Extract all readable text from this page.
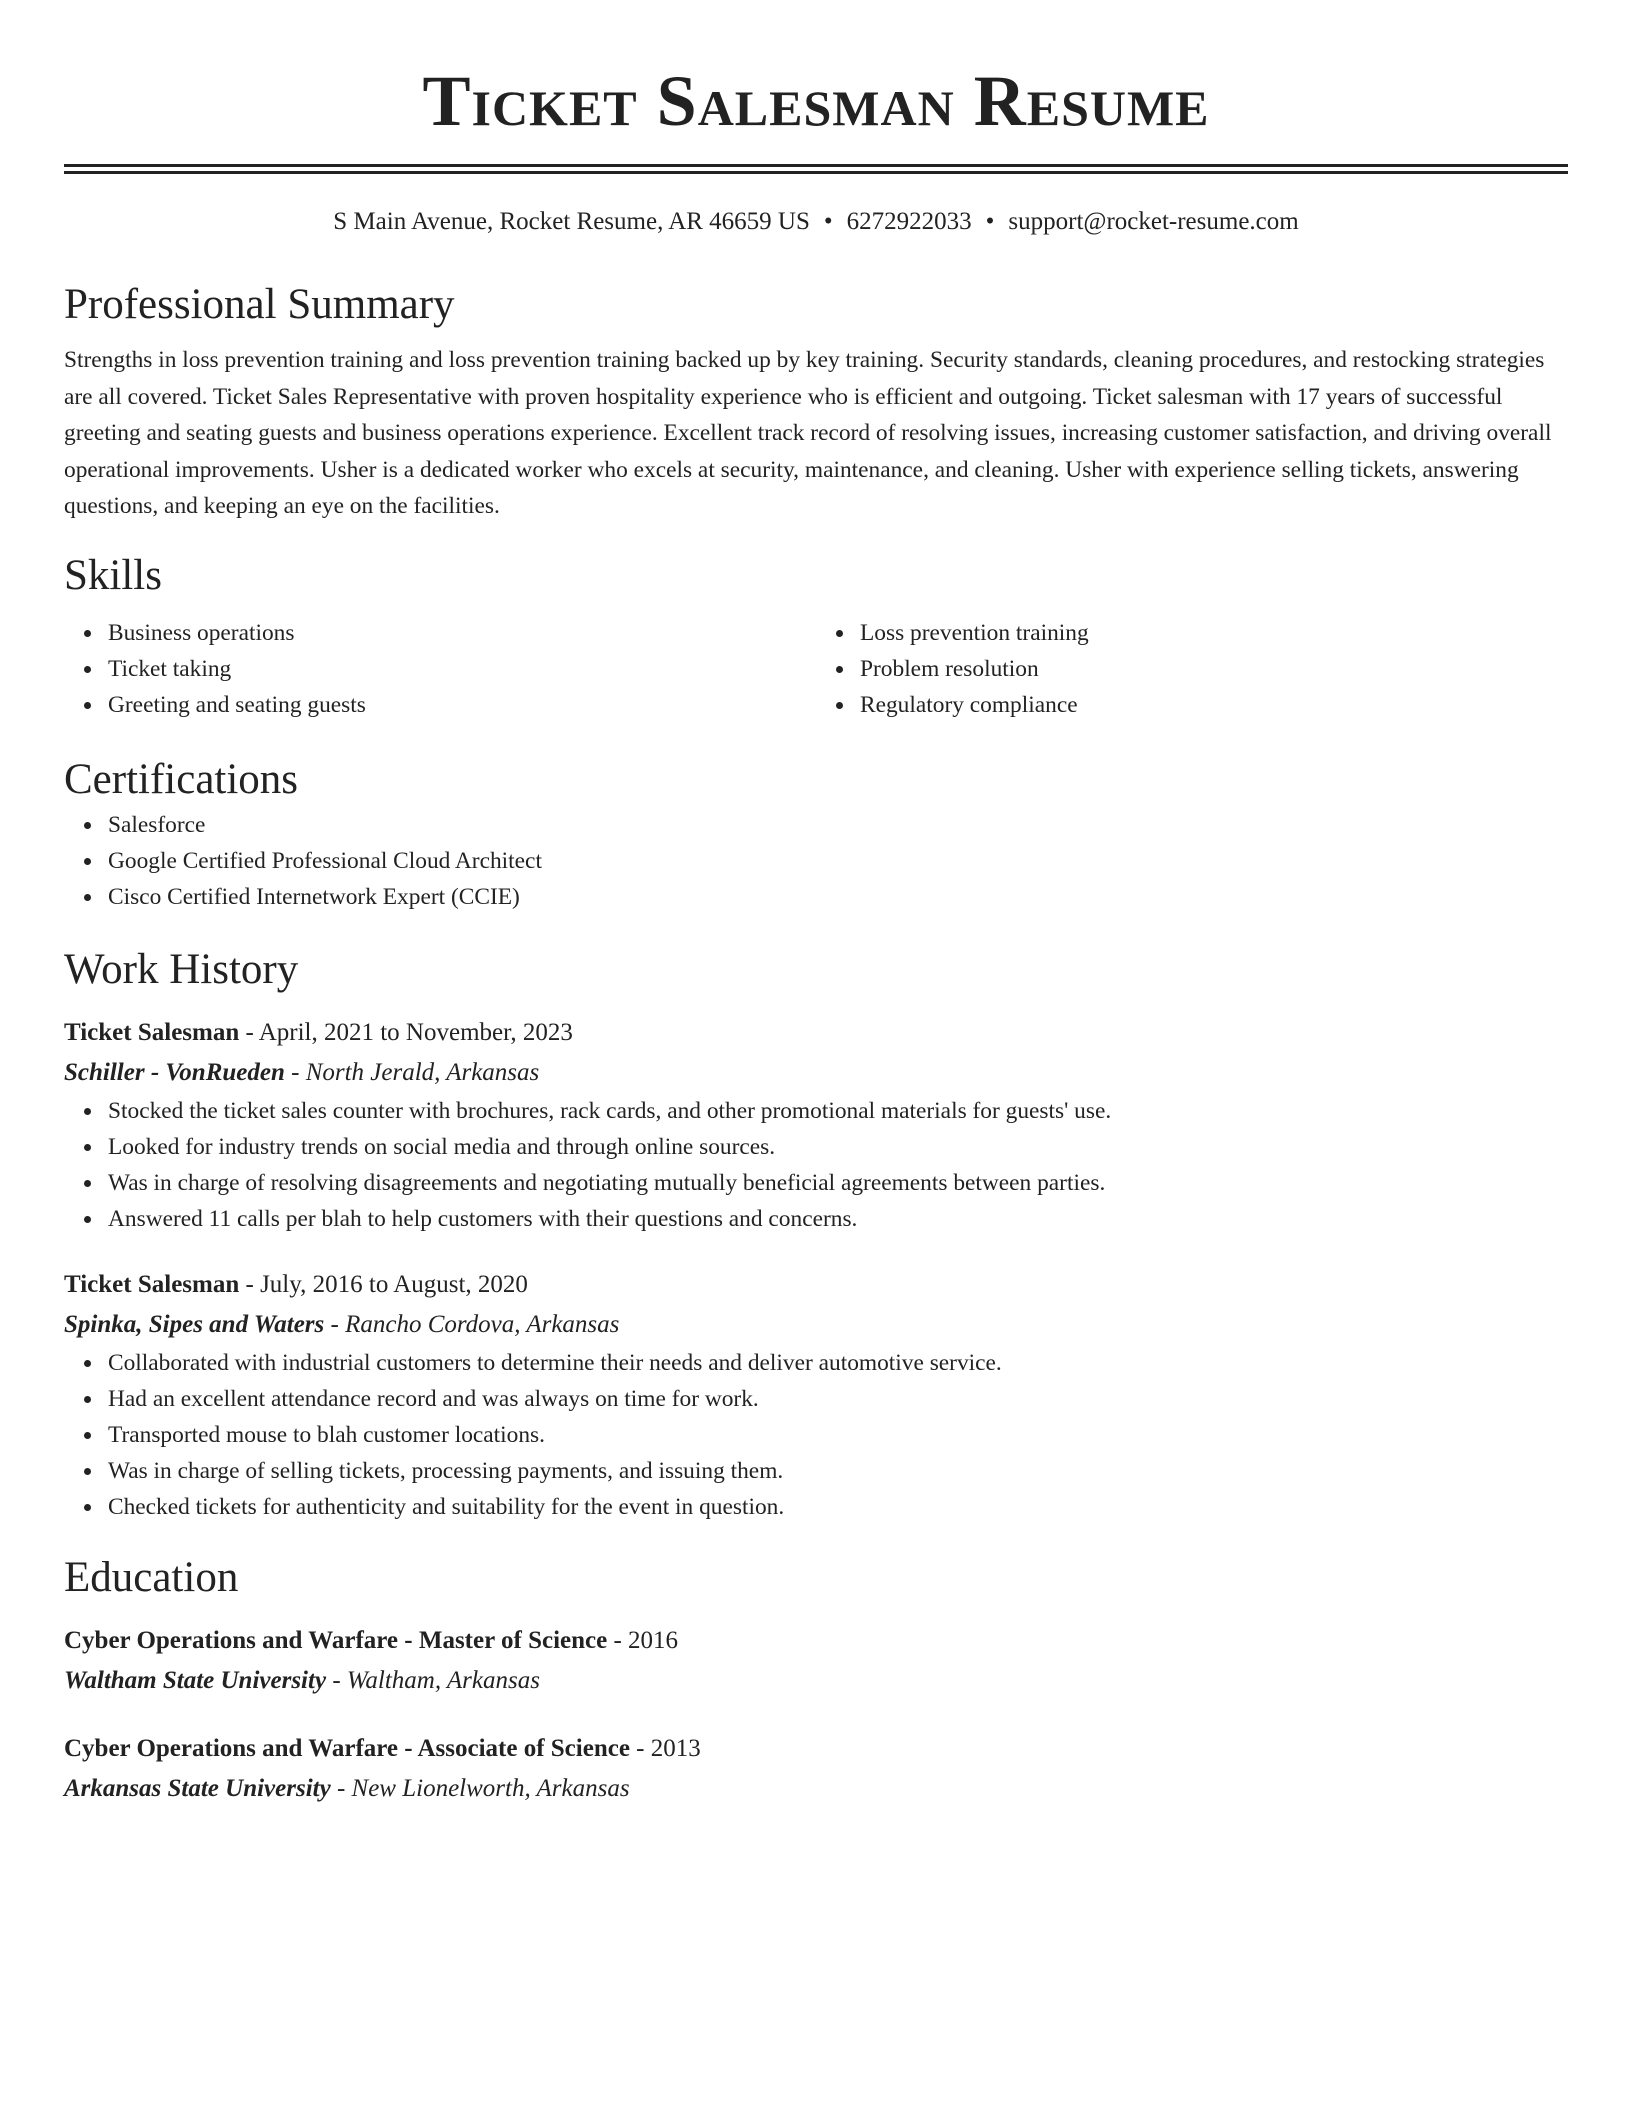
Ticket Salesman Resume
S Main Avenue, Rocket Resume, AR 46659 US • 6272922033 • support@rocket-resume.com
Professional Summary

Strengths in loss prevention training and loss prevention training backed up by key training. Security standards, cleaning procedures, and restocking strategies are all covered. Ticket Sales Representative with proven hospitality experience who is efficient and outgoing. Ticket salesman with 17 years of successful greeting and seating guests and business operations experience. Excellent track record of resolving issues, increasing customer satisfaction, and driving overall operational improvements. Usher is a dedicated worker who excels at security, maintenance, and cleaning. Usher with experience selling tickets, answering questions, and keeping an eye on the facilities.

Skills
Business operations
Ticket taking
Greeting and seating guests
Loss prevention training
Problem resolution
Regulatory compliance
Certifications
Salesforce
Google Certified Professional Cloud Architect
Cisco Certified Internetwork Expert (CCIE)
Work History
Ticket Salesman - April, 2021 to November, 2023
Schiller - VonRueden - North Jerald, Arkansas
Stocked the ticket sales counter with brochures, rack cards, and other promotional materials for guests' use.
Looked for industry trends on social media and through online sources.
Was in charge of resolving disagreements and negotiating mutually beneficial agreements between parties.
Answered 11 calls per blah to help customers with their questions and concerns.
Ticket Salesman - July, 2016 to August, 2020
Spinka, Sipes and Waters - Rancho Cordova, Arkansas
Collaborated with industrial customers to determine their needs and deliver automotive service.
Had an excellent attendance record and was always on time for work.
Transported mouse to blah customer locations.
Was in charge of selling tickets, processing payments, and issuing them.
Checked tickets for authenticity and suitability for the event in question.
Education
Cyber Operations and Warfare - Master of Science - 2016
Waltham State University - Waltham, Arkansas
Cyber Operations and Warfare - Associate of Science - 2013
Arkansas State University - New Lionelworth, Arkansas
